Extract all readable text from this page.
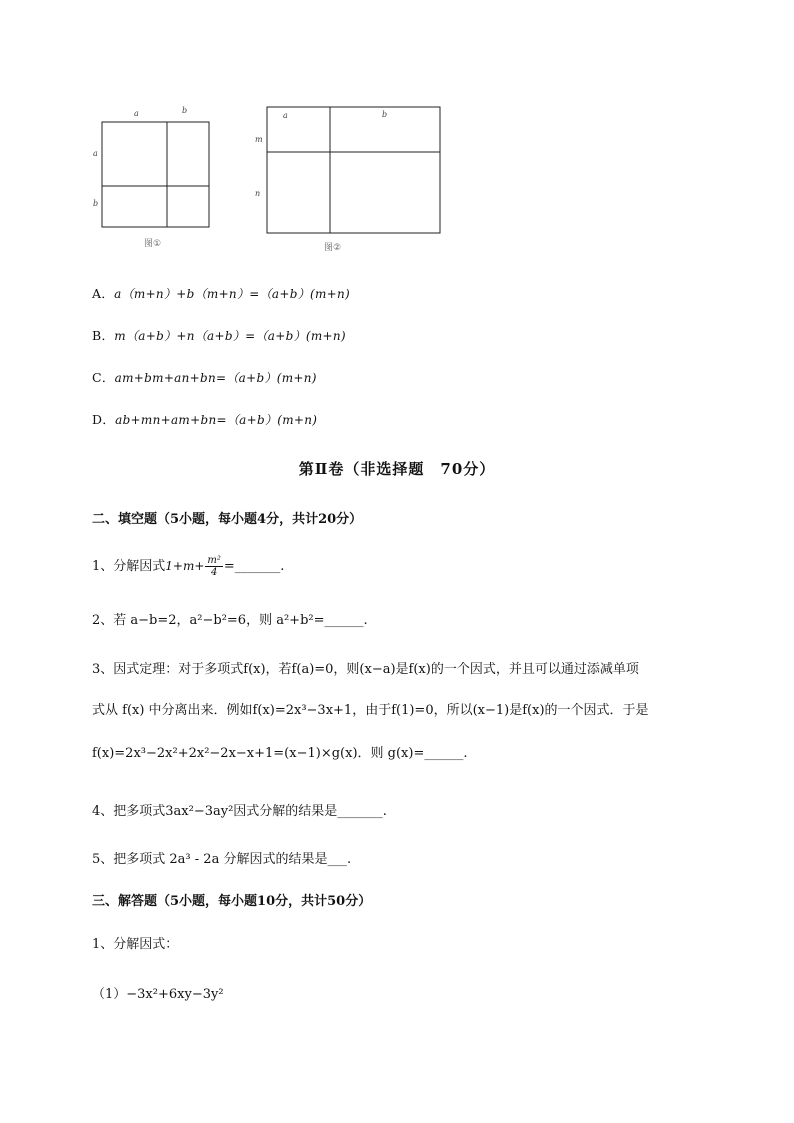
a	b
a
b
图①
a	b
m
n
图②
A．a（m+n）+b（m+n）=（a+b）(m+n)
B．m（a+b）+n（a+b）=（a+b）(m+n)
C．am+bm+an+bn=（a+b）(m+n)
D．ab+mn+am+bn=（a+b）(m+n)
第Ⅱ卷（非选择题　70分）
二、填空题（5小题，每小题4分，共计20分）
1、分解因式$1+m+ \frac{\text{m²}}{4}$ =_______.
2、若 a−b=2，a²−b²=6，则 a²+b²=______.
3、因式定理：对于多项式f(x)，若f(a)=0，则(x−a)是f(x)的一个因式，并且可以通过添减单项
式从 f(x) 中分离出来．例如f(x)=2x³−3x+1，由于f(1)=0，所以(x−1)是f(x)的一个因式．于是
f(x)=2x³−2x²+2x²−2x−x+1=(x−1)×g(x)．则 g(x)=______.
4、把多项式3ax²−3ay²因式分解的结果是_______.
5、把多项式 2a³ - 2a 分解因式的结果是___.
三、解答题（5小题，每小题10分，共计50分）
1、分解因式：
（1）−3x²+6xy−3y²
